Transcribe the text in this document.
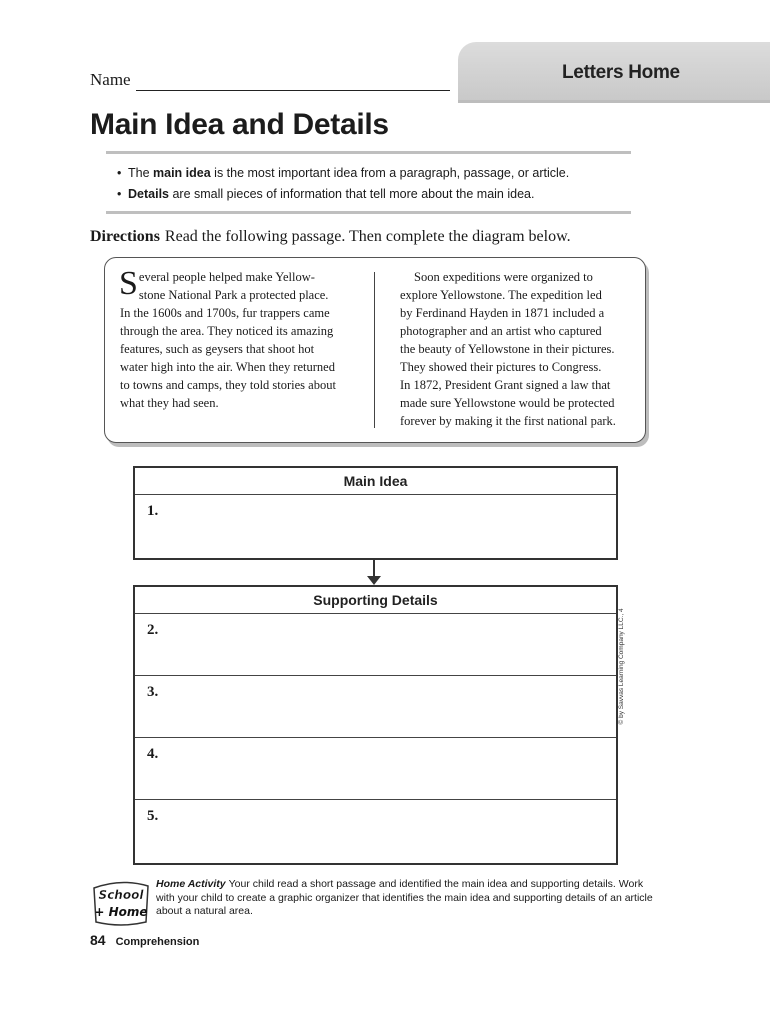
Letters Home
Name
Main Idea and Details
• The main idea is the most important idea from a paragraph, passage, or article.
• Details are small pieces of information that tell more about the main idea.
Directions Read the following passage. Then complete the diagram below.
S everal people helped make Yellow-
stone National Park a protected place.
In the 1600s and 1700s, fur trappers came
through the area. They noticed its amazing
features, such as geysers that shoot hot
water high into the air. When they returned
to towns and camps, they told stories about
what they had seen.
Soon expeditions were organized to
explore Yellowstone. The expedition led
by Ferdinand Hayden in 1871 included a
photographer and an artist who captured
the beauty of Yellowstone in their pictures.
They showed their pictures to Congress.
In 1872, President Grant signed a law that
made sure Yellowstone would be protected
forever by making it the first national park.
Main Idea
1.
Supporting Details
2.
3.
4.
5.
© by Savvas Learning Company LLC., 4
School
+ Home
Home Activity Your child read a short passage and identified the main idea and supporting details. Work with your child to create a graphic organizer that identifies the main idea and supporting details of an article about a natural area.
84 Comprehension
